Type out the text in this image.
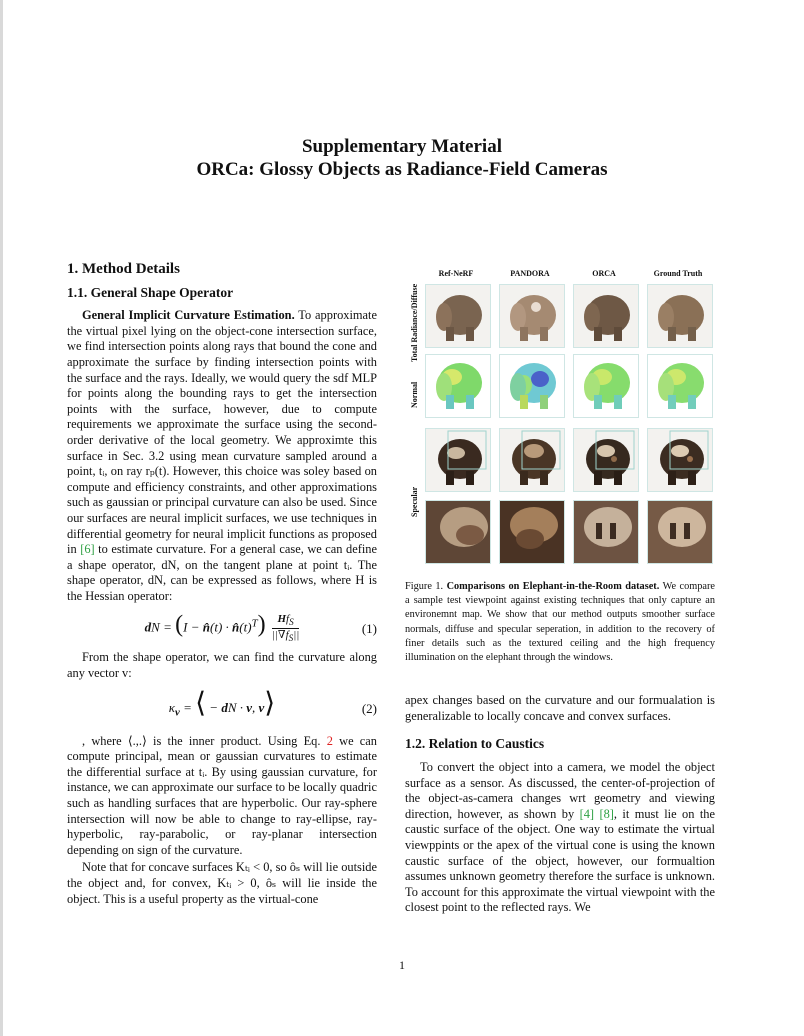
Supplementary Material
ORCa: Glossy Objects as Radiance-Field Cameras
1. Method Details
1.1. General Shape Operator

General Implicit Curvature Estimation. To approximate the virtual pixel lying on the object-cone intersection surface, we find intersection points along rays that bound the cone and approximate the surface by finding intersection points with the surface and the rays. Ideally, we would query the sdf MLP for points along the bounding rays to get the intersection points with the surface, however, due to compute requirements we approximate the surface using the second-order derivative of the local geometry. We approximte this surface in Sec. 3.2 using mean curvature sampled around a point, tᵢ, on ray rₚ(t). However, this choice was soley based on compute and efficiency constraints, and other approximations such as gaussian or principal curvature can also be used. Since our surfaces are neural implicit surfaces, we use techniques in differential geometry for neural implicit functions as proposed in [6] to estimate curvature. For a general case, we can define a shape operator, dN, on the tangent plane at point tᵢ. The shape operator, dN, can be expressed as follows, where H is the Hessian operator:

dN = (I − n̂(t) · $n̂(t)^T$)	$Hf_S$
$||\nabla f_S||$	(1)

From the shape operator, we can find the curvature along any vector v:

$\kappa_v$ = ⟨ − dN · v, v⟩	(2)

, where ⟨.,.⟩ is the inner product. Using Eq. 2 we can compute principal, mean or gaussian curvatures to estimate the differential surface at tᵢ. By using gaussian curvature, for instance, we can approximate our surface to be locally quadric such as handling surfaces that are hyperbolic. Our ray-sphere intersection will now be able to change to ray-ellipse, ray-hyperbolic, ray-parabolic, or ray-planar intersection depending on sign of the curvature.

Note that for concave surfaces Kₜᵢ < 0, so ôₛ will lie outside the object and, for convex, Kₜᵢ > 0, ôₛ will lie inside the object. This is a useful property as the virtual-cone

Ref-NeRF	PANDORA	ORCA	Ground Truth
Total Radiance/Diffuse
Normal
Specular
Figure 1. Comparisons on Elephant-in-the-Room dataset. We compare a sample test viewpoint against existing techniques that only capture an environemnt map. We show that our method outputs smoother surface normals, diffuse and specular seperation, in addition to the recovery of finer details such as the textured ceiling and the high frequency illumination on the elephant through the windows.

apex changes based on the curvature and our formualation is generalizable to locally concave and convex surfaces.

1.2. Relation to Caustics

To convert the object into a camera, we model the object surface as a sensor. As discussed, the center-of-projection of the object-as-camera changes wrt geometry and viewing direction, however, as shown by [4] [8], it must lie on the caustic surface of the object. One way to estimate the virtual viewppints or the apex of the virtual cone is using the known caustic surface of the object, however, our formualtion assumes unknown geometry therefore the surface is unknown. To account for this approximate the virtual viewpoint with the closest point to the reflected rays. We

1
